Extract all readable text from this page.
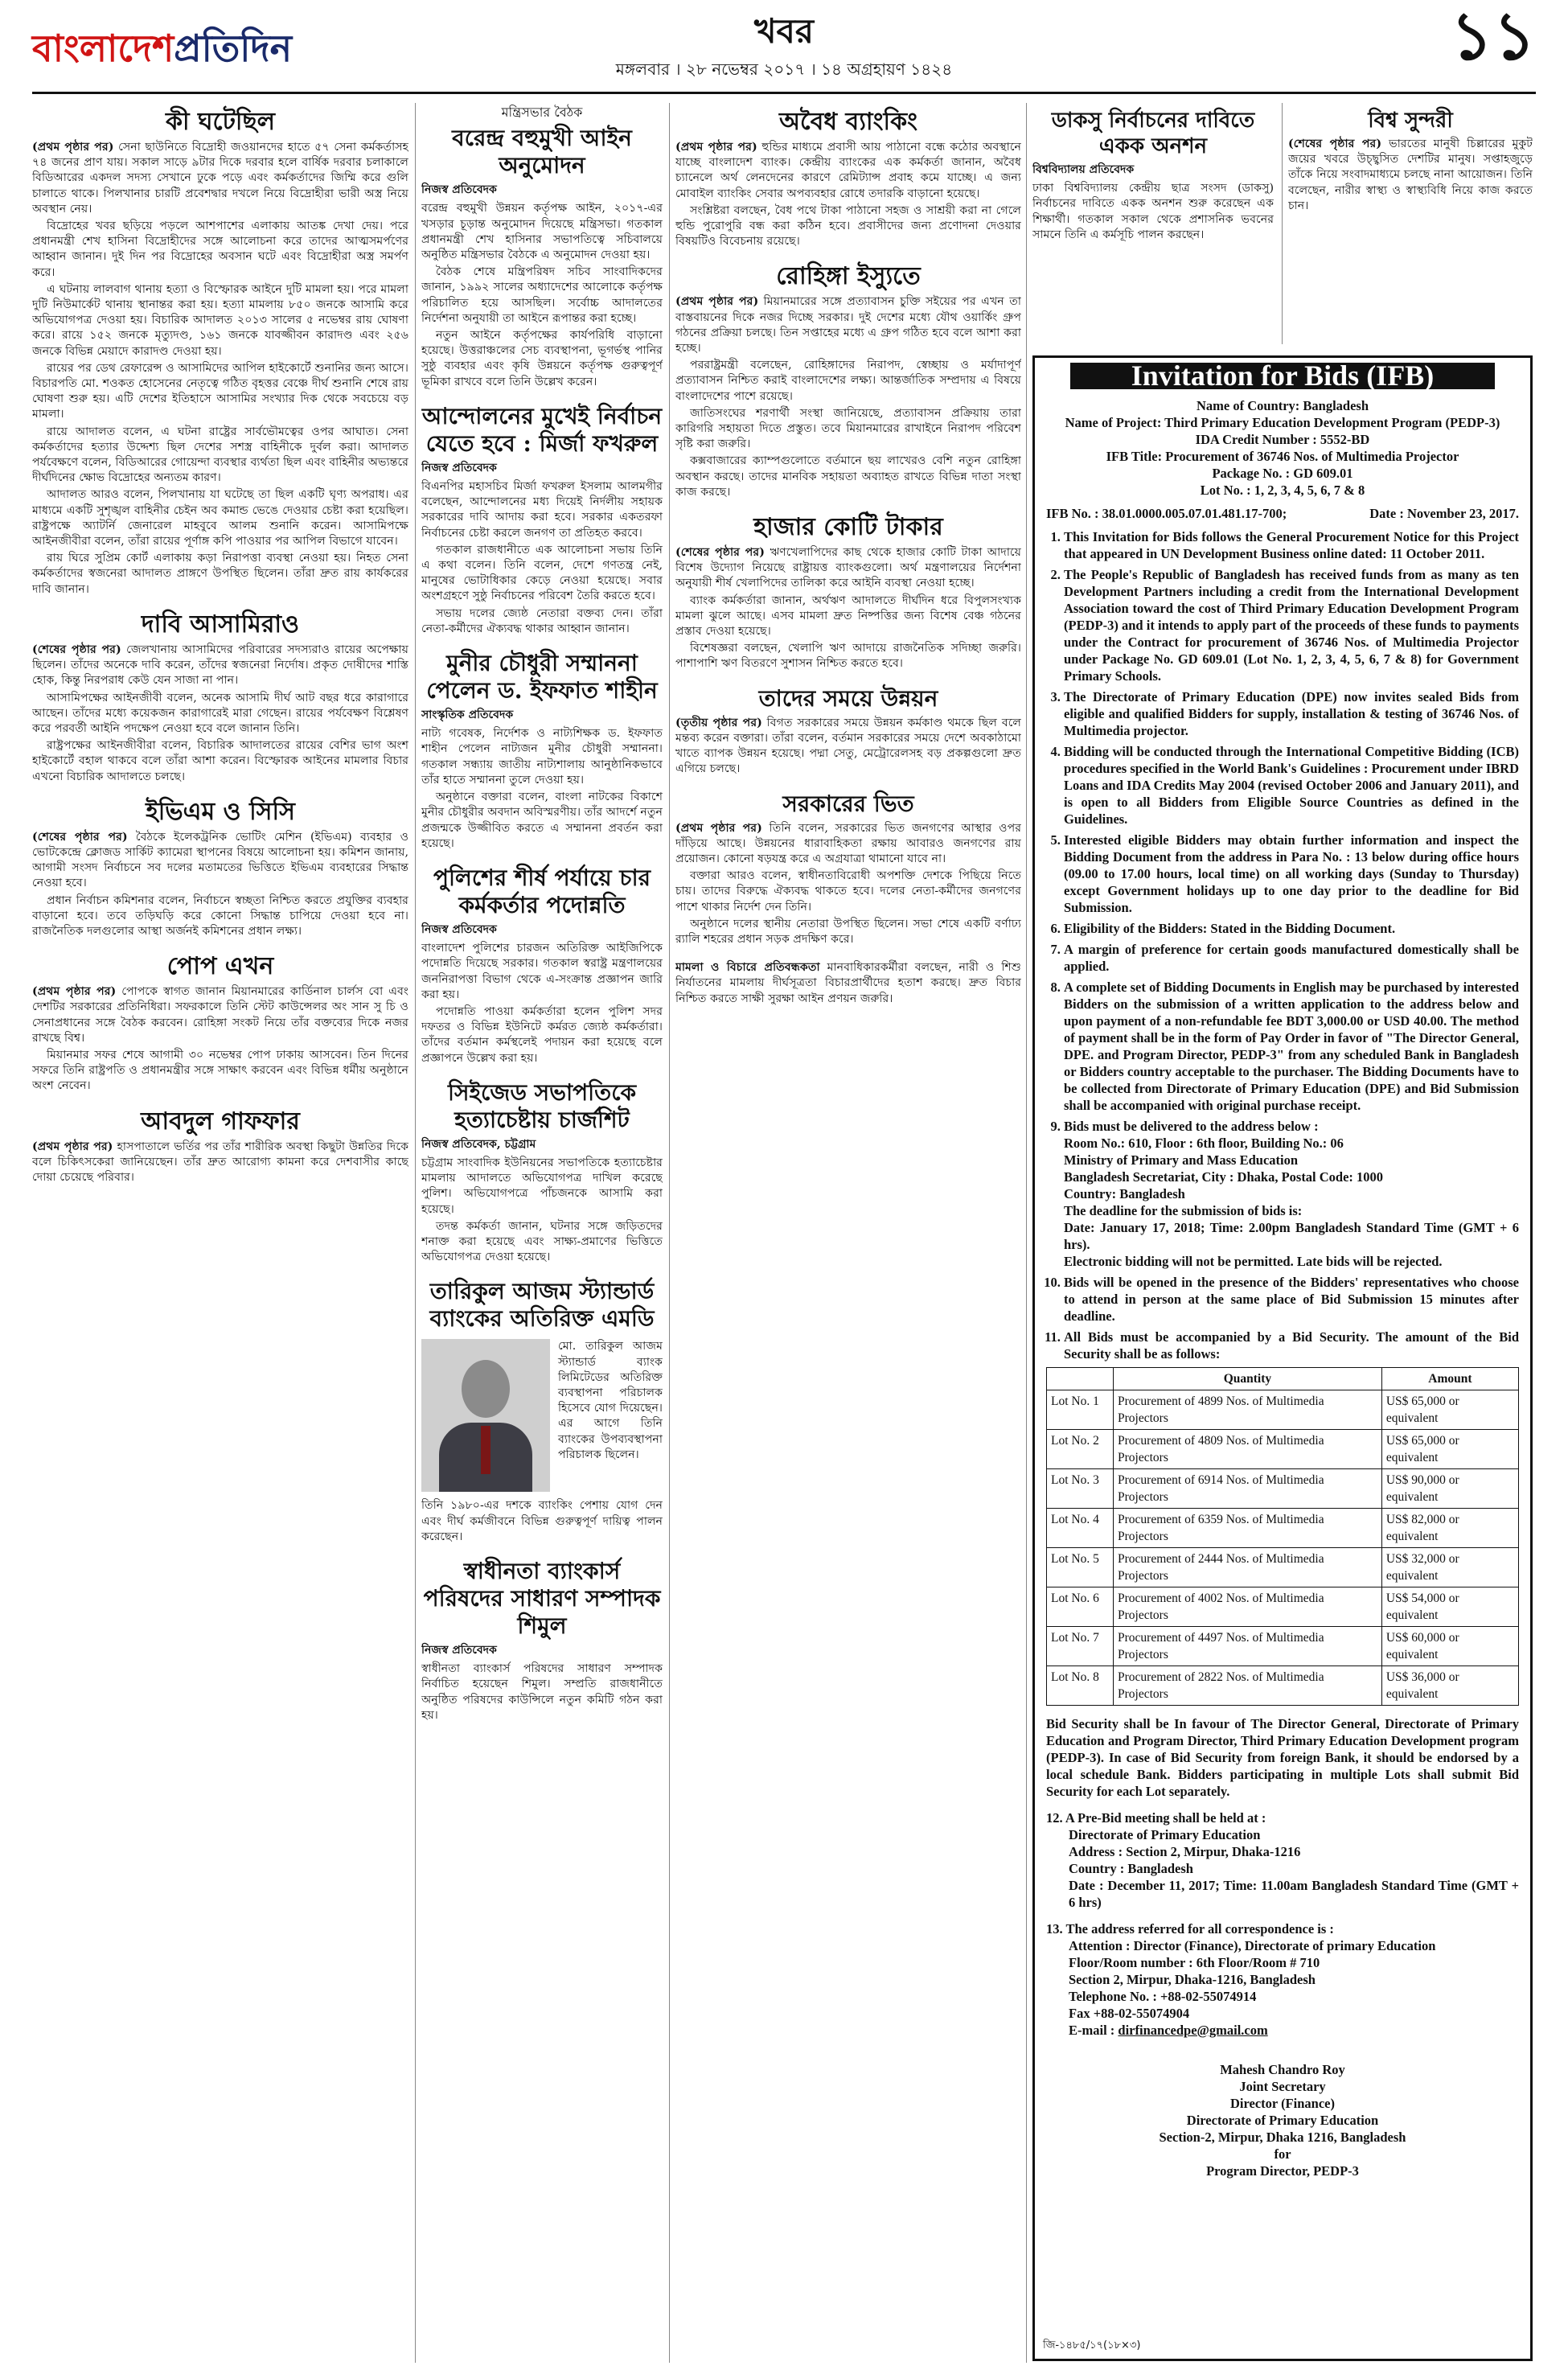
বাংলাদেশপ্রতিদিন	খবর
মঙ্গলবার । ২৮ নভেম্বর ২০১৭ । ১৪ অগ্রহায়ণ ১৪২৪	১১
কী ঘটেছিল

(প্রথম পৃষ্ঠার পর) সেনা ছাউনিতে বিদ্রোহী জওয়ানদের হাতে ৫৭ সেনা কর্মকর্তাসহ ৭৪ জনের প্রাণ যায়। সকাল সাড়ে ৯টার দিকে দরবার হলে বার্ষিক দরবার চলাকালে বিডিআরের একদল সদস্য সেখানে ঢুকে পড়ে এবং কর্মকর্তাদের জিম্মি করে গুলি চালাতে থাকে। পিলখানার চারটি প্রবেশদ্বার দখলে নিয়ে বিদ্রোহীরা ভারী অস্ত্র নিয়ে অবস্থান নেয়।

বিদ্রোহের খবর ছড়িয়ে পড়লে আশপাশের এলাকায় আতঙ্ক দেখা দেয়। পরে প্রধানমন্ত্রী শেখ হাসিনা বিদ্রোহীদের সঙ্গে আলোচনা করে তাদের আত্মসমর্পণের আহ্বান জানান। দুই দিন পর বিদ্রোহের অবসান ঘটে এবং বিদ্রোহীরা অস্ত্র সমর্পণ করে।

এ ঘটনায় লালবাগ থানায় হত্যা ও বিস্ফোরক আইনে দুটি মামলা হয়। পরে মামলা দুটি নিউমার্কেট থানায় স্থানান্তর করা হয়। হত্যা মামলায় ৮৫০ জনকে আসামি করে অভিযোগপত্র দেওয়া হয়। বিচারিক আদালত ২০১৩ সালের ৫ নভেম্বর রায় ঘোষণা করে। রায়ে ১৫২ জনকে মৃত্যুদণ্ড, ১৬১ জনকে যাবজ্জীবন কারাদণ্ড এবং ২৫৬ জনকে বিভিন্ন মেয়াদে কারাদণ্ড দেওয়া হয়।

রায়ের পর ডেথ রেফারেন্স ও আসামিদের আপিল হাইকোর্টে শুনানির জন্য আসে। বিচারপতি মো. শওকত হোসেনের নেতৃত্বে গঠিত বৃহত্তর বেঞ্চে দীর্ঘ শুনানি শেষে রায় ঘোষণা শুরু হয়। এটি দেশের ইতিহাসে আসামির সংখ্যার দিক থেকে সবচেয়ে বড় মামলা।

রায়ে আদালত বলেন, এ ঘটনা রাষ্ট্রের সার্বভৌমত্বের ওপর আঘাত। সেনা কর্মকর্তাদের হত্যার উদ্দেশ্য ছিল দেশের সশস্ত্র বাহিনীকে দুর্বল করা। আদালত পর্যবেক্ষণে বলেন, বিডিআরের গোয়েন্দা ব্যবস্থার ব্যর্থতা ছিল এবং বাহিনীর অভ্যন্তরে দীর্ঘদিনের ক্ষোভ বিদ্রোহের অন্যতম কারণ।

আদালত আরও বলেন, পিলখানায় যা ঘটেছে তা ছিল একটি ঘৃণ্য অপরাধ। এর মাধ্যমে একটি সুশৃঙ্খল বাহিনীর চেইন অব কমান্ড ভেঙে দেওয়ার চেষ্টা করা হয়েছিল। রাষ্ট্রপক্ষে অ্যাটর্নি জেনারেল মাহবুবে আলম শুনানি করেন। আসামিপক্ষে আইনজীবীরা বলেন, তাঁরা রায়ের পূর্ণাঙ্গ কপি পাওয়ার পর আপিল বিভাগে যাবেন।

রায় ঘিরে সুপ্রিম কোর্ট এলাকায় কড়া নিরাপত্তা ব্যবস্থা নেওয়া হয়। নিহত সেনা কর্মকর্তাদের স্বজনেরা আদালত প্রাঙ্গণে উপস্থিত ছিলেন। তাঁরা দ্রুত রায় কার্যকরের দাবি জানান।

দাবি আসামিরাও

(শেষের পৃষ্ঠার পর) জেলখানায় আসামিদের পরিবারের সদস্যরাও রায়ের অপেক্ষায় ছিলেন। তাঁদের অনেকে দাবি করেন, তাঁদের স্বজনেরা নির্দোষ। প্রকৃত দোষীদের শাস্তি হোক, কিন্তু নিরপরাধ কেউ যেন সাজা না পান।

আসামিপক্ষের আইনজীবী বলেন, অনেক আসামি দীর্ঘ আট বছর ধরে কারাগারে আছেন। তাঁদের মধ্যে কয়েকজন কারাগারেই মারা গেছেন। রায়ের পর্যবেক্ষণ বিশ্লেষণ করে পরবর্তী আইনি পদক্ষেপ নেওয়া হবে বলে জানান তিনি।

রাষ্ট্রপক্ষের আইনজীবীরা বলেন, বিচারিক আদালতের রায়ের বেশির ভাগ অংশ হাইকোর্টে বহাল থাকবে বলে তাঁরা আশা করেন। বিস্ফোরক আইনের মামলার বিচার এখনো বিচারিক আদালতে চলছে।

ইভিএম ও সিসি

(শেষের পৃষ্ঠার পর) বৈঠকে ইলেকট্রনিক ভোটিং মেশিন (ইভিএম) ব্যবহার ও ভোটকেন্দ্রে ক্লোজড সার্কিট ক্যামেরা স্থাপনের বিষয়ে আলোচনা হয়। কমিশন জানায়, আগামী সংসদ নির্বাচনে সব দলের মতামতের ভিত্তিতে ইভিএম ব্যবহারের সিদ্ধান্ত নেওয়া হবে।

প্রধান নির্বাচন কমিশনার বলেন, নির্বাচনে স্বচ্ছতা নিশ্চিত করতে প্রযুক্তির ব্যবহার বাড়ানো হবে। তবে তড়িঘড়ি করে কোনো সিদ্ধান্ত চাপিয়ে দেওয়া হবে না। রাজনৈতিক দলগুলোর আস্থা অর্জনই কমিশনের প্রধান লক্ষ্য।

পোপ এখন

(প্রথম পৃষ্ঠার পর) পোপকে স্বাগত জানান মিয়ানমারের কার্ডিনাল চার্লস বো এবং দেশটির সরকারের প্রতিনিধিরা। সফরকালে তিনি স্টেট কাউন্সেলর অং সান সু চি ও সেনাপ্রধানের সঙ্গে বৈঠক করবেন। রোহিঙ্গা সংকট নিয়ে তাঁর বক্তব্যের দিকে নজর রাখছে বিশ্ব।

মিয়ানমার সফর শেষে আগামী ৩০ নভেম্বর পোপ ঢাকায় আসবেন। তিন দিনের সফরে তিনি রাষ্ট্রপতি ও প্রধানমন্ত্রীর সঙ্গে সাক্ষাৎ করবেন এবং বিভিন্ন ধর্মীয় অনুষ্ঠানে অংশ নেবেন।

আবদুল গাফফার

(প্রথম পৃষ্ঠার পর) হাসপাতালে ভর্তির পর তাঁর শারীরিক অবস্থা কিছুটা উন্নতির দিকে বলে চিকিৎসকেরা জানিয়েছেন। তাঁর দ্রুত আরোগ্য কামনা করে দেশবাসীর কাছে দোয়া চেয়েছে পরিবার।

মন্ত্রিসভার বৈঠক
বরেন্দ্র বহুমুখী আইন অনুমোদন
নিজস্ব প্রতিবেদক

বরেন্দ্র বহুমুখী উন্নয়ন কর্তৃপক্ষ আইন, ২০১৭-এর খসড়ার চূড়ান্ত অনুমোদন দিয়েছে মন্ত্রিসভা। গতকাল প্রধানমন্ত্রী শেখ হাসিনার সভাপতিত্বে সচিবালয়ে অনুষ্ঠিত মন্ত্রিসভার বৈঠকে এ অনুমোদন দেওয়া হয়।

বৈঠক শেষে মন্ত্রিপরিষদ সচিব সাংবাদিকদের জানান, ১৯৯২ সালের অধ্যাদেশের আলোকে কর্তৃপক্ষ পরিচালিত হয়ে আসছিল। সর্বোচ্চ আদালতের নির্দেশনা অনুযায়ী তা আইনে রূপান্তর করা হচ্ছে।

নতুন আইনে কর্তৃপক্ষের কার্যপরিধি বাড়ানো হয়েছে। উত্তরাঞ্চলের সেচ ব্যবস্থাপনা, ভূগর্ভস্থ পানির সুষ্ঠু ব্যবহার এবং কৃষি উন্নয়নে কর্তৃপক্ষ গুরুত্বপূর্ণ ভূমিকা রাখবে বলে তিনি উল্লেখ করেন।

আন্দোলনের মুখেই নির্বাচন যেতে হবে : মির্জা ফখরুল
নিজস্ব প্রতিবেদক

বিএনপির মহাসচিব মির্জা ফখরুল ইসলাম আলমগীর বলেছেন, আন্দোলনের মধ্য দিয়েই নির্দলীয় সহায়ক সরকারের দাবি আদায় করা হবে। সরকার একতরফা নির্বাচনের চেষ্টা করলে জনগণ তা প্রতিহত করবে।

গতকাল রাজধানীতে এক আলোচনা সভায় তিনি এ কথা বলেন। তিনি বলেন, দেশে গণতন্ত্র নেই, মানুষের ভোটাধিকার কেড়ে নেওয়া হয়েছে। সবার অংশগ্রহণে সুষ্ঠু নির্বাচনের পরিবেশ তৈরি করতে হবে।

সভায় দলের জ্যেষ্ঠ নেতারা বক্তব্য দেন। তাঁরা নেতা-কর্মীদের ঐক্যবদ্ধ থাকার আহ্বান জানান।

মুনীর চৌধুরী সম্মাননা পেলেন ড. ইফফাত শাহীন
সাংস্কৃতিক প্রতিবেদক

নাট্য গবেষক, নির্দেশক ও নাট্যশিক্ষক ড. ইফফাত শাহীন পেলেন নাট্যজন মুনীর চৌধুরী সম্মাননা। গতকাল সন্ধ্যায় জাতীয় নাট্যশালায় আনুষ্ঠানিকভাবে তাঁর হাতে সম্মাননা তুলে দেওয়া হয়।

অনুষ্ঠানে বক্তারা বলেন, বাংলা নাটকের বিকাশে মুনীর চৌধুরীর অবদান অবিস্মরণীয়। তাঁর আদর্শে নতুন প্রজন্মকে উজ্জীবিত করতে এ সম্মাননা প্রবর্তন করা হয়েছে।

পুলিশের শীর্ষ পর্যায়ে চার কর্মকর্তার পদোন্নতি
নিজস্ব প্রতিবেদক

বাংলাদেশ পুলিশের চারজন অতিরিক্ত আইজিপিকে পদোন্নতি দিয়েছে সরকার। গতকাল স্বরাষ্ট্র মন্ত্রণালয়ের জননিরাপত্তা বিভাগ থেকে এ-সংক্রান্ত প্রজ্ঞাপন জারি করা হয়।

পদোন্নতি পাওয়া কর্মকর্তারা হলেন পুলিশ সদর দফতর ও বিভিন্ন ইউনিটে কর্মরত জ্যেষ্ঠ কর্মকর্তারা। তাঁদের বর্তমান কর্মস্থলেই পদায়ন করা হয়েছে বলে প্রজ্ঞাপনে উল্লেখ করা হয়।

সিইজেড সভাপতিকে হত্যাচেষ্টায় চার্জশিট
নিজস্ব প্রতিবেদক, চট্টগ্রাম

চট্টগ্রাম সাংবাদিক ইউনিয়নের সভাপতিকে হত্যাচেষ্টার মামলায় আদালতে অভিযোগপত্র দাখিল করেছে পুলিশ। অভিযোগপত্রে পাঁচজনকে আসামি করা হয়েছে।

তদন্ত কর্মকর্তা জানান, ঘটনার সঙ্গে জড়িতদের শনাক্ত করা হয়েছে এবং সাক্ষ্য-প্রমাণের ভিত্তিতে অভিযোগপত্র দেওয়া হয়েছে।

তারিকুল আজম স্ট্যান্ডার্ড ব্যাংকের অতিরিক্ত এমডি
মো. তারিকুল আজম স্ট্যান্ডার্ড ব্যাংক লিমিটেডের অতিরিক্ত ব্যবস্থাপনা পরিচালক হিসেবে যোগ দিয়েছেন। এর আগে তিনি ব্যাংকের উপব্যবস্থাপনা পরিচালক ছিলেন।

তিনি ১৯৮০-এর দশকে ব্যাংকিং পেশায় যোগ দেন এবং দীর্ঘ কর্মজীবনে বিভিন্ন গুরুত্বপূর্ণ দায়িত্ব পালন করেছেন।

স্বাধীনতা ব্যাংকার্স পরিষদের সাধারণ সম্পাদক শিমুল
নিজস্ব প্রতিবেদক

স্বাধীনতা ব্যাংকার্স পরিষদের সাধারণ সম্পাদক নির্বাচিত হয়েছেন শিমুল। সম্প্রতি রাজধানীতে অনুষ্ঠিত পরিষদের কাউন্সিলে নতুন কমিটি গঠন করা হয়।

অবৈধ ব্যাংকিং

(প্রথম পৃষ্ঠার পর) হুন্ডির মাধ্যমে প্রবাসী আয় পাঠানো বন্ধে কঠোর অবস্থানে যাচ্ছে বাংলাদেশ ব্যাংক। কেন্দ্রীয় ব্যাংকের এক কর্মকর্তা জানান, অবৈধ চ্যানেলে অর্থ লেনদেনের কারণে রেমিট্যান্স প্রবাহ কমে যাচ্ছে। এ জন্য মোবাইল ব্যাংকিং সেবার অপব্যবহার রোধে তদারকি বাড়ানো হয়েছে।

সংশ্লিষ্টরা বলছেন, বৈধ পথে টাকা পাঠানো সহজ ও সাশ্রয়ী করা না গেলে হুন্ডি পুরোপুরি বন্ধ করা কঠিন হবে। প্রবাসীদের জন্য প্রণোদনা দেওয়ার বিষয়টিও বিবেচনায় রয়েছে।

রোহিঙ্গা ইস্যুতে

(প্রথম পৃষ্ঠার পর) মিয়ানমারের সঙ্গে প্রত্যাবাসন চুক্তি সইয়ের পর এখন তা বাস্তবায়নের দিকে নজর দিচ্ছে সরকার। দুই দেশের মধ্যে যৌথ ওয়ার্কিং গ্রুপ গঠনের প্রক্রিয়া চলছে। তিন সপ্তাহের মধ্যে এ গ্রুপ গঠিত হবে বলে আশা করা হচ্ছে।

পররাষ্ট্রমন্ত্রী বলেছেন, রোহিঙ্গাদের নিরাপদ, স্বেচ্ছায় ও মর্যাদাপূর্ণ প্রত্যাবাসন নিশ্চিত করাই বাংলাদেশের লক্ষ্য। আন্তর্জাতিক সম্প্রদায় এ বিষয়ে বাংলাদেশের পাশে রয়েছে।

জাতিসংঘের শরণার্থী সংস্থা জানিয়েছে, প্রত্যাবাসন প্রক্রিয়ায় তারা কারিগরি সহায়তা দিতে প্রস্তুত। তবে মিয়ানমারের রাখাইনে নিরাপদ পরিবেশ সৃষ্টি করা জরুরি।

কক্সবাজারের ক্যাম্পগুলোতে বর্তমানে ছয় লাখেরও বেশি নতুন রোহিঙ্গা অবস্থান করছে। তাদের মানবিক সহায়তা অব্যাহত রাখতে বিভিন্ন দাতা সংস্থা কাজ করছে।

হাজার কোটি টাকার

(শেষের পৃষ্ঠার পর) ঋণখেলাপিদের কাছ থেকে হাজার কোটি টাকা আদায়ে বিশেষ উদ্যোগ নিয়েছে রাষ্ট্রায়ত্ত ব্যাংকগুলো। অর্থ মন্ত্রণালয়ের নির্দেশনা অনুযায়ী শীর্ষ খেলাপিদের তালিকা করে আইনি ব্যবস্থা নেওয়া হচ্ছে।

ব্যাংক কর্মকর্তারা জানান, অর্থঋণ আদালতে দীর্ঘদিন ধরে বিপুলসংখ্যক মামলা ঝুলে আছে। এসব মামলা দ্রুত নিষ্পত্তির জন্য বিশেষ বেঞ্চ গঠনের প্রস্তাব দেওয়া হয়েছে।

বিশেষজ্ঞরা বলছেন, খেলাপি ঋণ আদায়ে রাজনৈতিক সদিচ্ছা জরুরি। পাশাপাশি ঋণ বিতরণে সুশাসন নিশ্চিত করতে হবে।

তাদের সময়ে উন্নয়ন

(তৃতীয় পৃষ্ঠার পর) বিগত সরকারের সময়ে উন্নয়ন কর্মকাণ্ড থমকে ছিল বলে মন্তব্য করেন বক্তারা। তাঁরা বলেন, বর্তমান সরকারের সময়ে দেশে অবকাঠামো খাতে ব্যাপক উন্নয়ন হয়েছে। পদ্মা সেতু, মেট্রোরেলসহ বড় প্রকল্পগুলো দ্রুত এগিয়ে চলছে।

সরকারের ভিত

(প্রথম পৃষ্ঠার পর) তিনি বলেন, সরকারের ভিত জনগণের আস্থার ওপর দাঁড়িয়ে আছে। উন্নয়নের ধারাবাহিকতা রক্ষায় আবারও জনগণের রায় প্রয়োজন। কোনো ষড়যন্ত্র করে এ অগ্রযাত্রা থামানো যাবে না।

বক্তারা আরও বলেন, স্বাধীনতাবিরোধী অপশক্তি দেশকে পিছিয়ে নিতে চায়। তাদের বিরুদ্ধে ঐক্যবদ্ধ থাকতে হবে। দলের নেতা-কর্মীদের জনগণের পাশে থাকার নির্দেশ দেন তিনি।

অনুষ্ঠানে দলের স্থানীয় নেতারা উপস্থিত ছিলেন। সভা শেষে একটি বর্ণাঢ্য র‍্যালি শহরের প্রধান সড়ক প্রদক্ষিণ করে।

মামলা ও বিচারে প্রতিবন্ধকতা মানবাধিকারকর্মীরা বলছেন, নারী ও শিশু নির্যাতনের মামলায় দীর্ঘসূত্রতা বিচারপ্রার্থীদের হতাশ করছে। দ্রুত বিচার নিশ্চিত করতে সাক্ষী সুরক্ষা আইন প্রণয়ন জরুরি।

ডাকসু নির্বাচনের দাবিতে একক অনশন
বিশ্ববিদ্যালয় প্রতিবেদক

ঢাকা বিশ্ববিদ্যালয় কেন্দ্রীয় ছাত্র সংসদ (ডাকসু) নির্বাচনের দাবিতে একক অনশন শুরু করেছেন এক শিক্ষার্থী। গতকাল সকাল থেকে প্রশাসনিক ভবনের সামনে তিনি এ কর্মসূচি পালন করছেন।

বিশ্ব সুন্দরী

(শেষের পৃষ্ঠার পর) ভারতের মানুষী চিল্লারের মুকুট জয়ের খবরে উচ্ছ্বসিত দেশটির মানুষ। সপ্তাহজুড়ে তাঁকে নিয়ে সংবাদমাধ্যমে চলছে নানা আয়োজন। তিনি বলেছেন, নারীর স্বাস্থ্য ও স্বাস্থ্যবিধি নিয়ে কাজ করতে চান।

Invitation for Bids (IFB)
Name of Country: Bangladesh
Name of Project: Third Primary Education Development Program (PEDP-3)
IDA Credit Number : 5552-BD
IFB Title: Procurement of 36746 Nos. of Multimedia Projector
Package No. : GD 609.01
Lot No. : 1, 2, 3, 4, 5, 6, 7 & 8
IFB No. : 38.01.0000.005.07.01.481.17-700;	Date : November 23, 2017.
1. This Invitation for Bids follows the General Procurement Notice for this Project that appeared in UN Development Business online dated: 11 October 2011.
2. The People's Republic of Bangladesh has received funds from as many as ten Development Partners including a credit from the International Development Association toward the cost of Third Primary Education Development Program (PEDP-3) and it intends to apply part of the proceeds of these funds to payments under the Contract for procurement of 36746 Nos. of Multimedia Projector under Package No. GD 609.01 (Lot No. 1, 2, 3, 4, 5, 6, 7 & 8) for Government Primary Schools.
3. The Directorate of Primary Education (DPE) now invites sealed Bids from eligible and qualified Bidders for supply, installation & testing of 36746 Nos. of Multimedia projector.
4. Bidding will be conducted through the International Competitive Bidding (ICB) procedures specified in the World Bank's Guidelines : Procurement under IBRD Loans and IDA Credits May 2004 (revised October 2006 and January 2011), and is open to all Bidders from Eligible Source Countries as defined in the Guidelines.
5. Interested eligible Bidders may obtain further information and inspect the Bidding Document from the address in Para No. : 13 below during office hours (09.00 to 17.00 hours, local time) on all working days (Sunday to Thursday) except Government holidays up to one day prior to the deadline for Bid Submission.
6. Eligibility of the Bidders: Stated in the Bidding Document.
7. A margin of preference for certain goods manufactured domestically shall be applied.
8. A complete set of Bidding Documents in English may be purchased by interested Bidders on the submission of a written application to the address below and upon payment of a non-refundable fee BDT 3,000.00 or USD 40.00. The method of payment shall be in the form of Pay Order in favor of "The Director General, DPE. and Program Director, PEDP-3" from any scheduled Bank in Bangladesh or Bidders country acceptable to the purchaser. The Bidding Documents have to be collected from Directorate of Primary Education (DPE) and Bid Submission shall be accompanied with original purchase receipt.
9. Bids must be delivered to the address below :
Room No.: 610, Floor : 6th floor, Building No.: 06
Ministry of Primary and Mass Education
Bangladesh Secretariat, City : Dhaka, Postal Code: 1000
Country: Bangladesh
The deadline for the submission of bids is:
Date: January 17, 2018; Time: 2.00pm Bangladesh Standard Time (GMT + 6 hrs).
Electronic bidding will not be permitted. Late bids will be rejected.
10. Bids will be opened in the presence of the Bidders' representatives who choose to attend in person at the same place of Bid Submission 15 minutes after deadline.
11. All Bids must be accompanied by a Bid Security. The amount of the Bid Security shall be as follows:
	Quantity	Amount
Lot No. 1	Procurement of 4899 Nos. of Multimedia Projectors	US$ 65,000 or equivalent
Lot No. 2	Procurement of 4809 Nos. of Multimedia Projectors	US$ 65,000 or equivalent
Lot No. 3	Procurement of 6914 Nos. of Multimedia Projectors	US$ 90,000 or equivalent
Lot No. 4	Procurement of 6359 Nos. of Multimedia Projectors	US$ 82,000 or equivalent
Lot No. 5	Procurement of 2444 Nos. of Multimedia Projectors	US$ 32,000 or equivalent
Lot No. 6	Procurement of 4002 Nos. of Multimedia Projectors	US$ 54,000 or equivalent
Lot No. 7	Procurement of 4497 Nos. of Multimedia Projectors	US$ 60,000 or equivalent
Lot No. 8	Procurement of 2822 Nos. of Multimedia Projectors	US$ 36,000 or equivalent
Bid Security shall be In favour of The Director General, Directorate of Primary Education and Program Director, Third Primary Education Development program (PEDP-3). In case of Bid Security from foreign Bank, it should be endorsed by a local schedule Bank. Bidders participating in multiple Lots shall submit Bid Security for each Lot separately.
12. A Pre-Bid meeting shall be held at :
Directorate of Primary Education
Address : Section 2, Mirpur, Dhaka-1216
Country : Bangladesh
Date : December 11, 2017; Time: 11.00am Bangladesh Standard Time (GMT + 6 hrs)
13. The address referred for all correspondence is :
Attention : Director (Finance), Directorate of primary Education
Floor/Room number : 6th Floor/Room # 710
Section 2, Mirpur, Dhaka-1216, Bangladesh
Telephone No. : +88-02-55074914
Fax +88-02-55074904
E-mail : dirfinancedpe@gmail.com
Mahesh Chandro Roy
Joint Secretary
Director (Finance)
Directorate of Primary Education
Section-2, Mirpur, Dhaka 1216, Bangladesh
for
Program Director, PEDP-3
জি-১৪৮৫/১৭(১৮×৩)
